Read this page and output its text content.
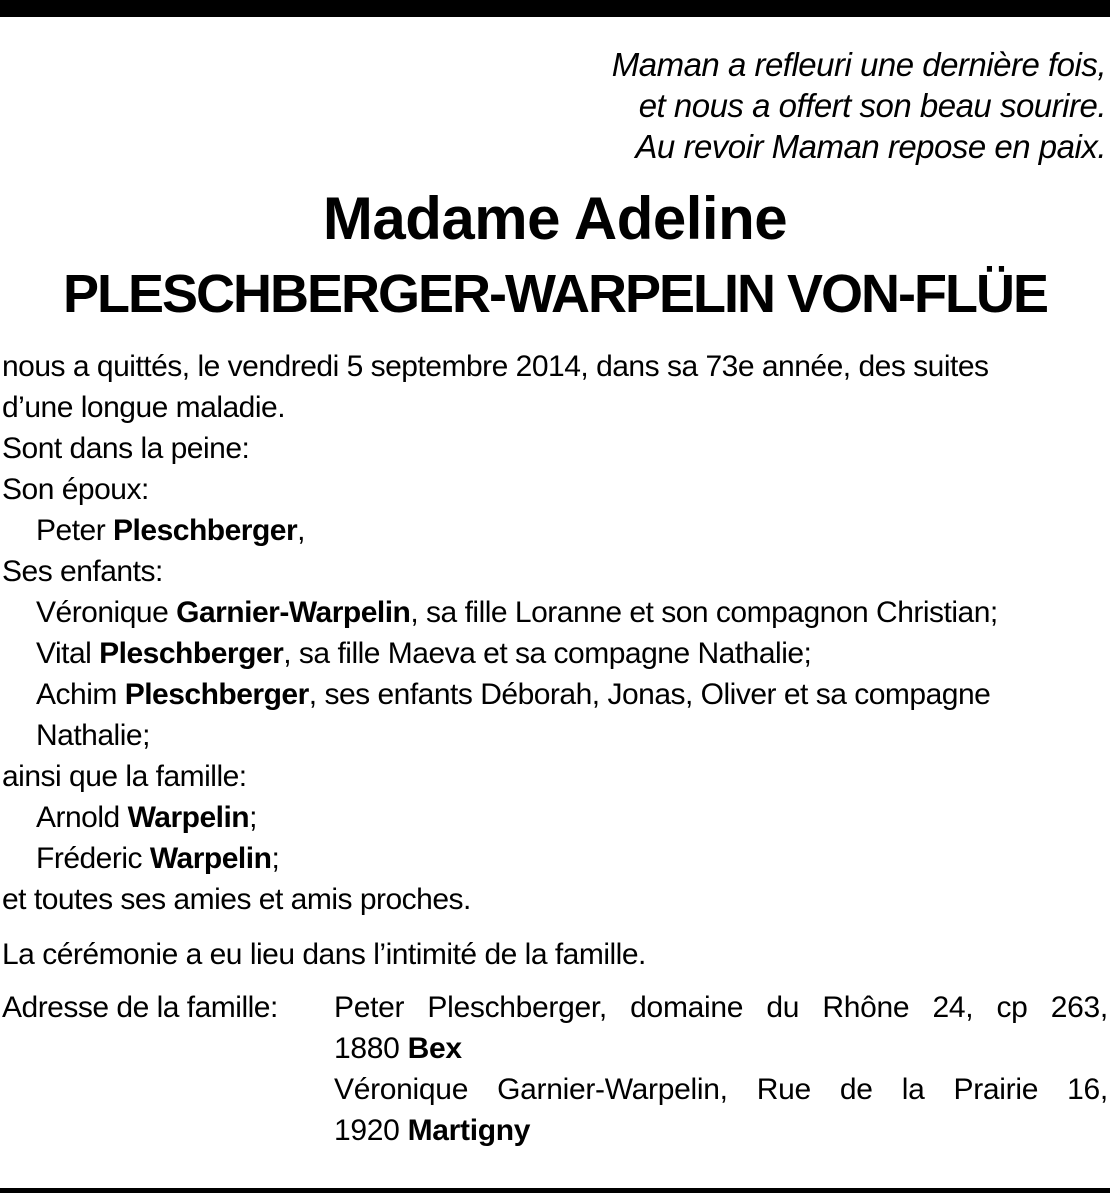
Maman a refleuri une dernière fois,
et nous a offert son beau sourire.
Au revoir Maman repose en paix.
Madame Adeline
PLESCHBERGER-WARPELIN VON-FLÜE
nous a quittés, le vendredi 5 septembre 2014, dans sa 73e année, des suites
d’une longue maladie.
Sont dans la peine:
Son époux:
Peter Pleschberger,
Ses enfants:
Véronique Garnier-Warpelin, sa fille Loranne et son compagnon Christian;
Vital Pleschberger, sa fille Maeva et sa compagne Nathalie;
Achim Pleschberger, ses enfants Déborah, Jonas, Oliver et sa compagne
Nathalie;
ainsi que la famille:
Arnold Warpelin;
Fréderic Warpelin;
et toutes ses amies et amis proches.
La cérémonie a eu lieu dans l’intimité de la famille.
Adresse de la famille:	Peter Pleschberger, domaine du Rhône 24, cp 263,
1880 Bex
Véronique Garnier-Warpelin, Rue de la Prairie 16,
1920 Martigny
